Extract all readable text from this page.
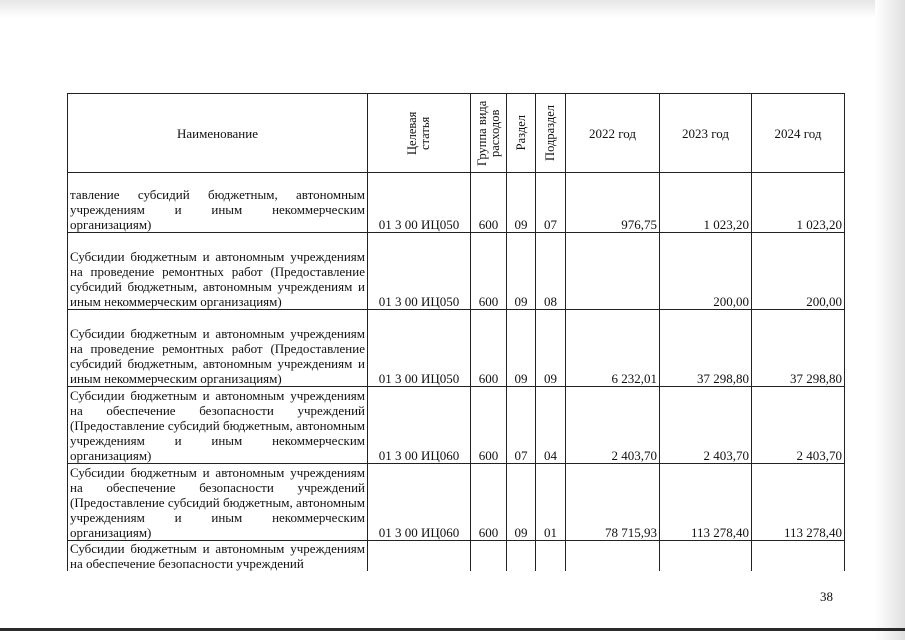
Наименование	Целевая статья	Группа вида расходов	Раздел	Подраздел	2022 год	2023 год	2024 год
тавление субсидий бюджетным, автономным учреждениям и иным некоммерческим организациям)	01 3 00 ИЦ050	600	09	07	976,75	1 023,20	1 023,20
Субсидии бюджетным и автономным учреждениям на проведение ремонтных работ (Предоставление субсидий бюджетным, автономным учреждениям и иным некоммерческим организациям)	01 3 00 ИЦ050	600	09	08		200,00	200,00
Субсидии бюджетным и автономным учреждениям на проведение ремонтных работ (Предоставление субсидий бюджетным, автономным учреждениям и иным некоммерческим организациям)	01 3 00 ИЦ050	600	09	09	6 232,01	37 298,80	37 298,80
Субсидии бюджетным и автономным учреждениям на обеспечение безопасности учреждений (Предоставление субсидий бюджетным, автономным учреждениям и иным некоммерческим организациям)	01 3 00 ИЦ060	600	07	04	2 403,70	2 403,70	2 403,70
Субсидии бюджетным и автономным учреждениям на обеспечение безопасности учреждений (Предоставление субсидий бюджетным, автономным учреждениям и иным некоммерческим организациям)	01 3 00 ИЦ060	600	09	01	78 715,93	113 278,40	113 278,40
Субсидии бюджетным и автономным учреждениям на обеспечение безопасности учреждений							
38
